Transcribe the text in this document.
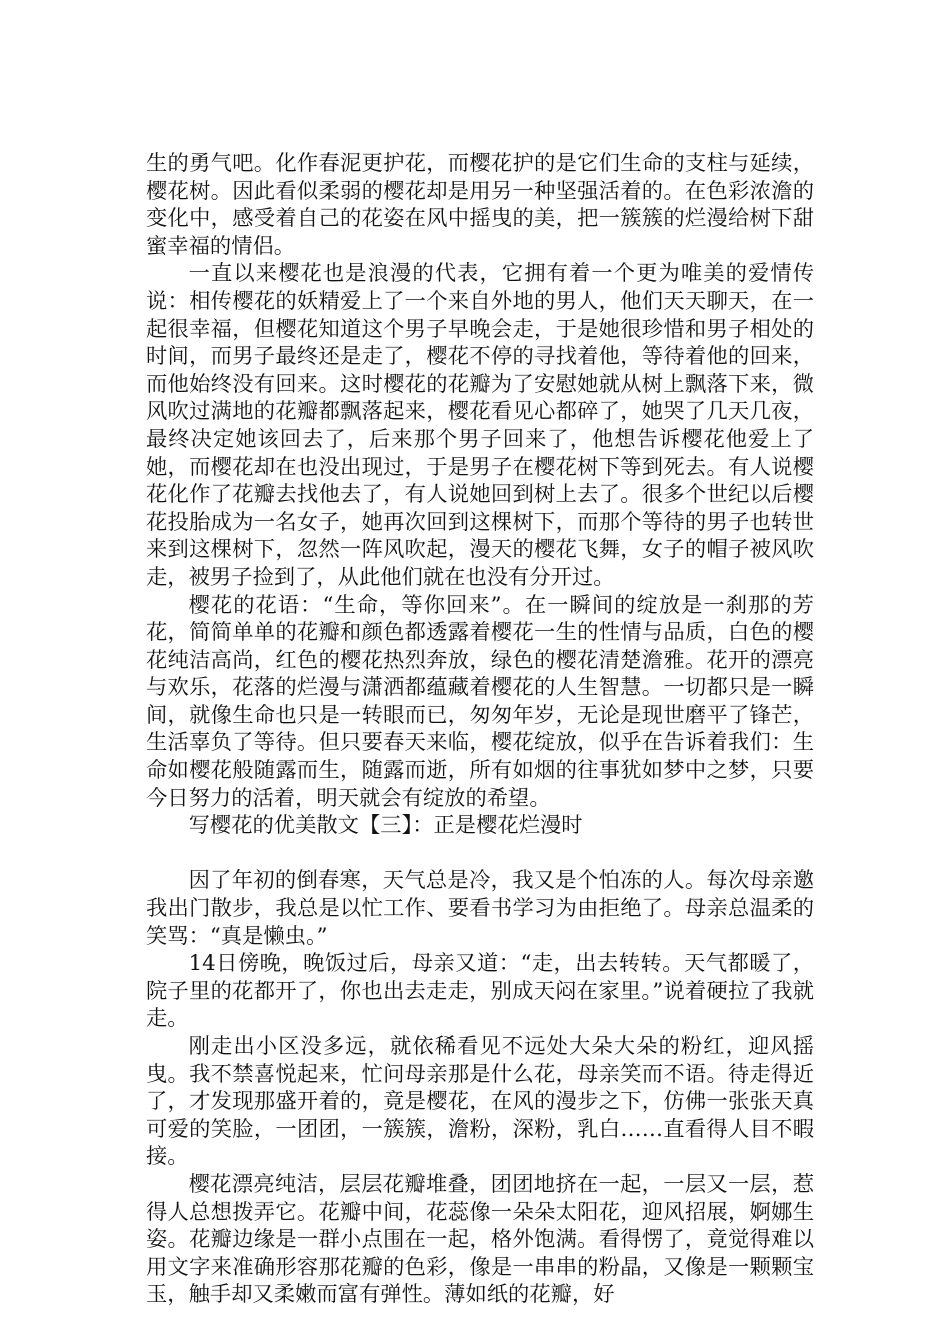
生的勇气吧。化作春泥更护花，而樱花护的是它们生命的支柱与延续，樱花树。因此看似柔弱的樱花却是用另一种坚强活着的。在色彩浓澹的变化中，感受着自己的花姿在风中摇曳的美，把一簇簇的烂漫给树下甜蜜幸福的情侣。

一直以来樱花也是浪漫的代表，它拥有着一个更为唯美的爱情传说：相传樱花的妖精爱上了一个来自外地的男人，他们天天聊天，在一起很幸福，但樱花知道这个男子早晚会走，于是她很珍惜和男子相处的时间，而男子最终还是走了，樱花不停的寻找着他，等待着他的回来，而他始终没有回来。这时樱花的花瓣为了安慰她就从树上飘落下来，微风吹过满地的花瓣都飘落起来，樱花看见心都碎了，她哭了几天几夜，最终决定她该回去了，后来那个男子回来了，他想告诉樱花他爱上了她，而樱花却在也没出现过，于是男子在樱花树下等到死去。有人说樱花化作了花瓣去找他去了，有人说她回到树上去了。很多个世纪以后樱花投胎成为一名女子，她再次回到这棵树下，而那个等待的男子也转世来到这棵树下，忽然一阵风吹起，漫天的樱花飞舞，女子的帽子被风吹走，被男子捡到了，从此他们就在也没有分开过。

樱花的花语：“生命，等你回来”。在一瞬间的绽放是一刹那的芳花，简简单单的花瓣和颜色都透露着樱花一生的性情与品质，白色的樱花纯洁高尚，红色的樱花热烈奔放，绿色的樱花清楚澹雅。花开的漂亮与欢乐，花落的烂漫与潇洒都蕴藏着樱花的人生智慧。一切都只是一瞬间，就像生命也只是一转眼而已，匆匆年岁，无论是现世磨平了锋芒，生活辜负了等待。但只要春天来临，樱花绽放，似乎在告诉着我们：生命如樱花般随露而生，随露而逝，所有如烟的往事犹如梦中之梦，只要今日努力的活着，明天就会有绽放的希望。

写樱花的优美散文【三】：正是樱花烂漫时

因了年初的倒春寒，天气总是冷，我又是个怕冻的人。每次母亲邀我出门散步，我总是以忙工作、要看书学习为由拒绝了。母亲总温柔的笑骂：“真是懒虫。”

14日傍晚，晚饭过后，母亲又道：“走，出去转转。天气都暖了，院子里的花都开了，你也出去走走，别成天闷在家里。”说着硬拉了我就走。

刚走出小区没多远，就依稀看见不远处大朵大朵的粉红，迎风摇曳。我不禁喜悦起来，忙问母亲那是什么花，母亲笑而不语。待走得近了，才发现那盛开着的，竟是樱花，在风的漫步之下，仿佛一张张天真可爱的笑脸，一团团，一簇簇，澹粉，深粉，乳白……直看得人目不暇接。

樱花漂亮纯洁，层层花瓣堆叠，团团地挤在一起，一层又一层，惹得人总想拨弄它。花瓣中间，花蕊像一朵朵太阳花，迎风招展，婀娜生姿。花瓣边缘是一群小点围在一起，格外饱满。看得愣了，竟觉得难以用文字来准确形容那花瓣的色彩，像是一串串的粉晶，又像是一颗颗宝玉，触手却又柔嫩而富有弹性。薄如纸的花瓣，好
